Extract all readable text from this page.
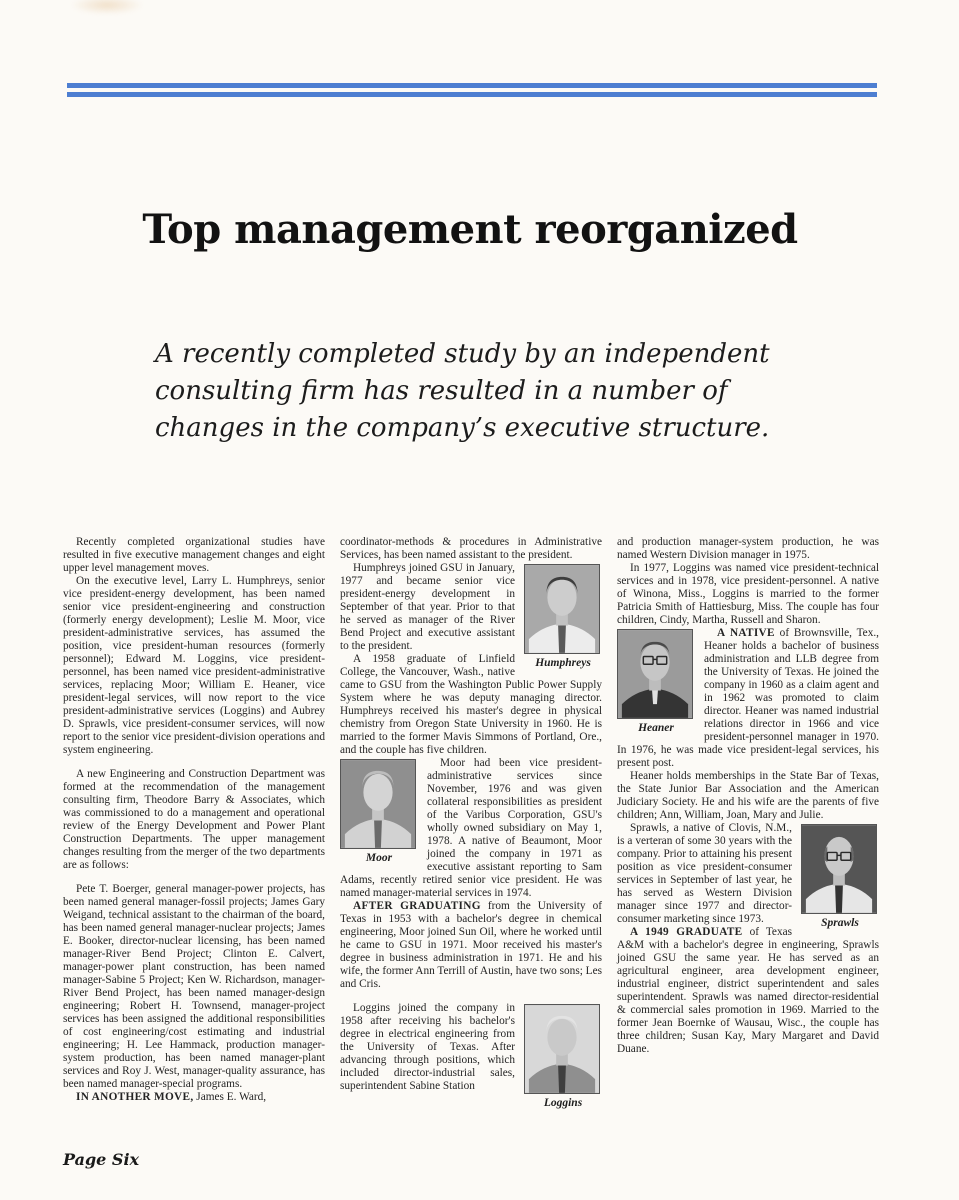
Top management reorganized
A recently completed study by an independent
consulting firm has resulted in a number of
changes in the company’s executive structure.

Recently completed organizational studies have resulted in five executive management changes and eight upper level management moves.

On the executive level, Larry L. Humphreys, senior vice president-energy development, has been named senior vice president-engineering and construction (formerly energy development); Leslie M. Moor, vice president-administrative services, has assumed the position, vice president-human resources (formerly personnel); Edward M. Loggins, vice president-personnel, has been named vice president-administrative services, replacing Moor; William E. Heaner, vice president-legal services, will now report to the vice president-administrative services (Loggins) and Aubrey D. Sprawls, vice president-consumer services, will now report to the senior vice president-division operations and system engineering.

A new Engineering and Construction Department was formed at the recommendation of the management consulting firm, Theodore Barry & Associates, which was commissioned to do a management and operational review of the Energy Development and Power Plant Construction Departments. The upper management changes resulting from the merger of the two departments are as follows:

Pete T. Boerger, general manager-power projects, has been named general manager-fossil projects; James Gary Weigand, technical assistant to the chairman of the board, has been named general manager-nuclear projects; James E. Booker, director-nuclear licensing, has been named manager-River Bend Project; Clinton E. Calvert, manager-power plant construction, has been named manager-Sabine 5 Project; Ken W. Richardson, manager-River Bend Project, has been named manager-design engineering; Robert H. Townsend, manager-project services has been assigned the additional responsibilities of cost engineering/cost estimating and industrial engineering; H. Lee Hammack, production manager-system production, has been named manager-plant services and Roy J. West, manager-quality assurance, has been named manager-special programs.

IN ANOTHER MOVE, James E. Ward,

coordinator-methods & procedures in Administrative Services, has been named assistant to the president.

Humphreys
Humphreys joined GSU in January, 1977 and became senior vice president-energy development in September of that year. Prior to that he served as manager of the River Bend Project and executive assistant to the president.

A 1958 graduate of Linfield College, the Vancouver, Wash., native came to GSU from the Washington Public Power Supply System where he was deputy managing director. Humphreys received his master's degree in physical chemistry from Oregon State University in 1960. He is married to the former Mavis Simmons of Portland, Ore., and the couple has five children.

Moor
Moor had been vice president-administrative services since November, 1976 and was given collateral responsibilities as president of the Varibus Corporation, GSU's wholly owned subsidiary on May 1, 1978. A native of Beaumont, Moor joined the company in 1971 as executive assistant reporting to Sam Adams, recently retired senior vice president. He was named manager-material services in 1974.

AFTER GRADUATING from the University of Texas in 1953 with a bachelor's degree in chemical engineering, Moor joined Sun Oil, where he worked until he came to GSU in 1971. Moor received his master's degree in business administration in 1971. He and his wife, the former Ann Terrill of Austin, have two sons; Les and Cris.

Loggins
Loggins joined the company in 1958 after receiving his bachelor's degree in electrical engineering from the University of Texas. After advancing through positions, which included director-industrial sales, superintendent Sabine Station

and production manager-system production, he was named Western Division manager in 1975.

In 1977, Loggins was named vice president-technical services and in 1978, vice president-personnel. A native of Winona, Miss., Loggins is married to the former Patricia Smith of Hattiesburg, Miss. The couple has four children, Cindy, Martha, Russell and Sharon.

Heaner
A NATIVE of Brownsville, Tex., Heaner holds a bachelor of business administration and LLB degree from the University of Texas. He joined the company in 1960 as a claim agent and in 1962 was promoted to claim director. Heaner was named industrial relations director in 1966 and vice president-personnel manager in 1970. In 1976, he was made vice president-legal services, his present post.

Heaner holds memberships in the State Bar of Texas, the State Junior Bar Association and the American Judiciary Society. He and his wife are the parents of five children; Ann, William, Joan, Mary and Julie.

Sprawls
Sprawls, a native of Clovis, N.M., is a verteran of some 30 years with the company. Prior to attaining his present position as vice president-consumer services in September of last year, he has served as Western Division manager since 1977 and director-consumer marketing since 1973.

A 1949 GRADUATE of Texas A&M with a bachelor's degree in engineering, Sprawls joined GSU the same year. He has served as an agricultural engineer, area development engineer, industrial engineer, district superintendent and sales superintendent. Sprawls was named director-residential & commercial sales promotion in 1969. Married to the former Jean Boernke of Wausau, Wisc., the couple has three children; Susan Kay, Mary Margaret and David Duane.

Page Six
